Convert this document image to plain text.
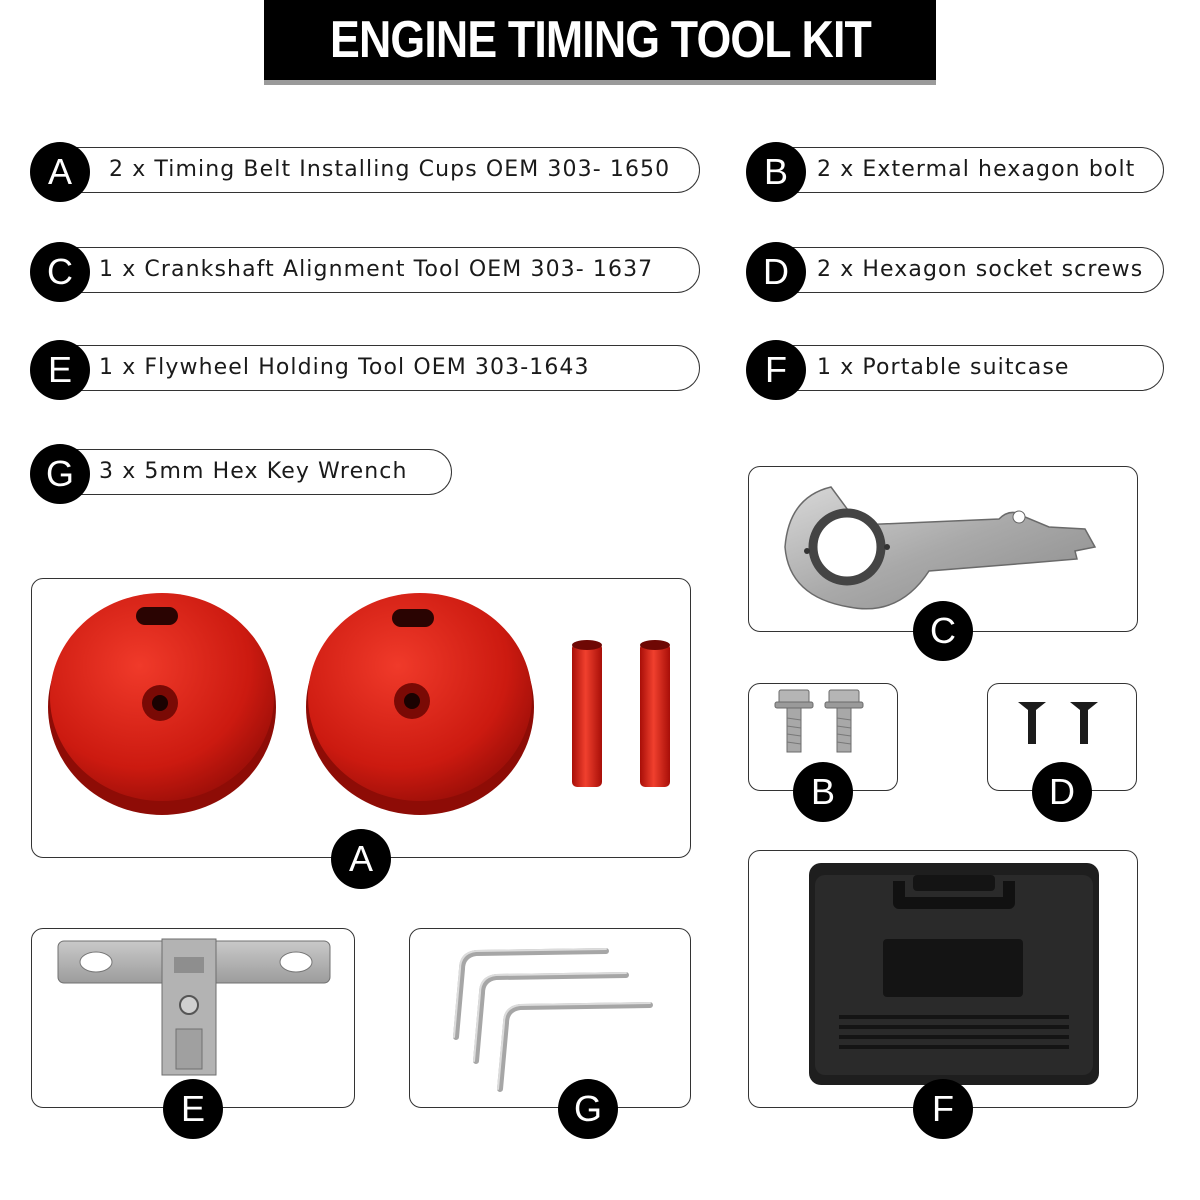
ENGINE TIMING TOOL KIT
2 x Timing Belt Installing Cups OEM 303- 1650
A	2 x Extermal hexagon bolt
B
1 x Crankshaft Alignment Tool OEM 303- 1637
C	2 x Hexagon socket screws
D
1 x Flywheel Holding Tool OEM 303-1643
E	1 x Portable suitcase
F
3 x 5mm Hex Key Wrench
G
C
A
B	D
F
E	G
